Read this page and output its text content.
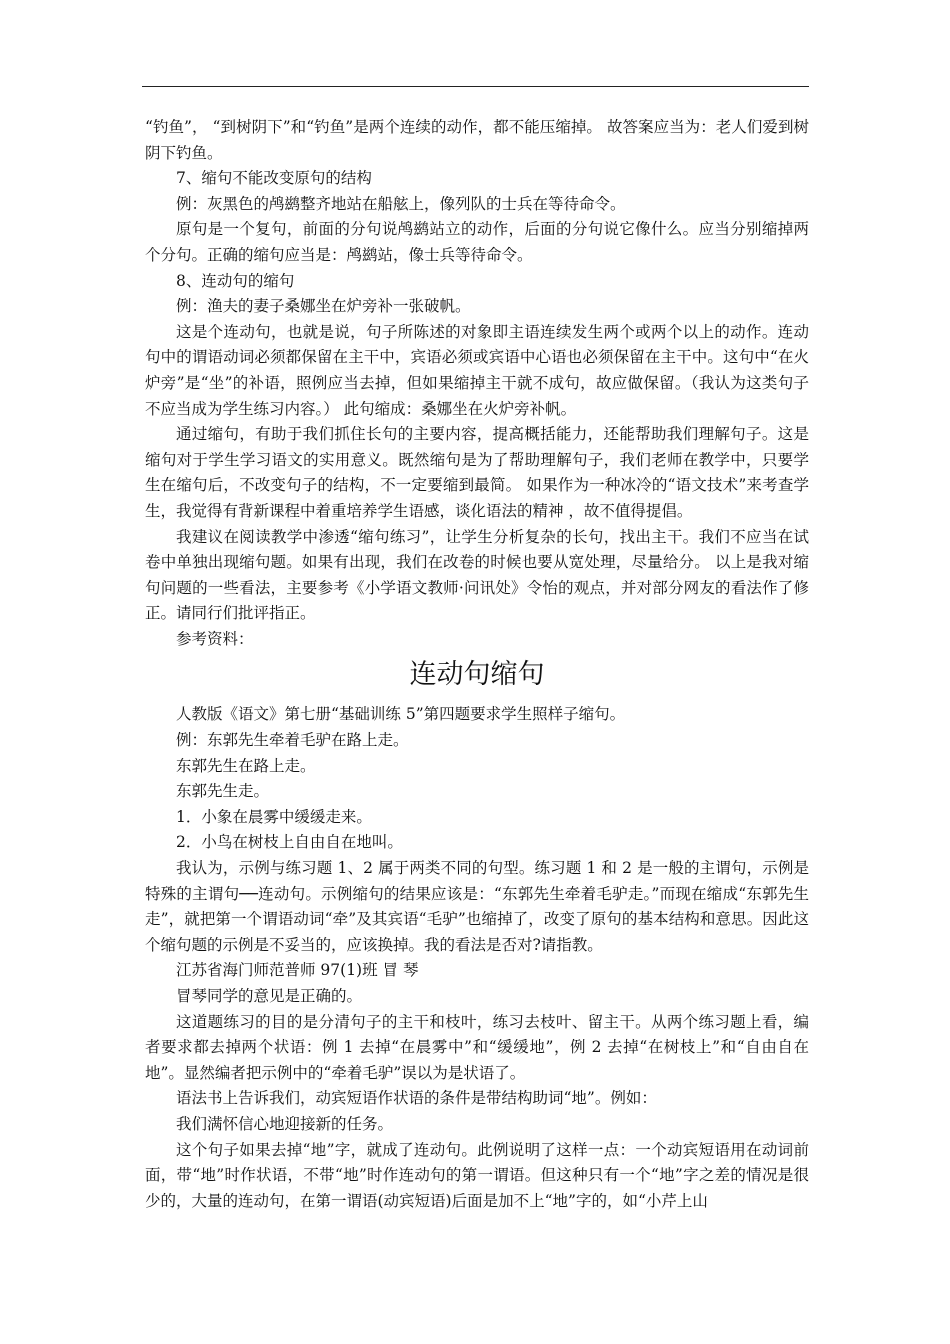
“钓鱼”， “到树阴下”和“钓鱼”是两个连续的动作，都不能压缩掉。 故答案应当为：老人们爱到树阴下钓鱼。

7、缩句不能改变原句的结构

例：灰黑色的鸬鹚整齐地站在船舷上，像列队的士兵在等待命令。

原句是一个复句，前面的分句说鸬鹚站立的动作，后面的分句说它像什么。应当分别缩掉两个分句。正确的缩句应当是：鸬鹚站，像士兵等待命令。

8、连动句的缩句

例：渔夫的妻子桑娜坐在炉旁补一张破帆。

这是个连动句，也就是说，句子所陈述的对象即主语连续发生两个或两个以上的动作。连动句中的谓语动词必须都保留在主干中，宾语必须或宾语中心语也必须保留在主干中。这句中“在火炉旁”是“坐”的补语，照例应当去掉，但如果缩掉主干就不成句，故应做保留。（我认为这类句子不应当成为学生练习内容。） 此句缩成：桑娜坐在火炉旁补帆。

通过缩句，有助于我们抓住长句的主要内容，提高概括能力，还能帮助我们理解句子。这是缩句对于学生学习语文的实用意义。既然缩句是为了帮助理解句子，我们老师在教学中，只要学生在缩句后，不改变句子的结构，不一定要缩到最简。 如果作为一种冰冷的“语文技术”来考查学生，我觉得有背新课程中着重培养学生语感，谈化语法的精神 ，故不值得提倡。

我建议在阅读教学中渗透“缩句练习”，让学生分析复杂的长句，找出主干。我们不应当在试卷中单独出现缩句题。如果有出现，我们在改卷的时候也要从宽处理，尽量给分。 以上是我对缩句问题的一些看法，主要参考《小学语文教师·问讯处》令怡的观点，并对部分网友的看法作了修正。请同行们批评指正。

参考资料：

连动句缩句

人教版《语文》第七册“基础训练 5”第四题要求学生照样子缩句。

例：东郭先生牵着毛驴在路上走。

东郭先生在路上走。

东郭先生走。

1．小象在晨雾中缓缓走来。

2．小鸟在树枝上自由自在地叫。

我认为，示例与练习题 1、2 属于两类不同的句型。练习题 1 和 2 是一般的主谓句，示例是特殊的主谓句──连动句。示例缩句的结果应该是：“东郭先生牵着毛驴走。”而现在缩成“东郭先生走”，就把第一个谓语动词“牵”及其宾语“毛驴”也缩掉了，改变了原句的基本结构和意思。因此这个缩句题的示例是不妥当的，应该换掉。我的看法是否对?请指教。

江苏省海门师范普师 97(1)班 冒 琴

冒琴同学的意见是正确的。

这道题练习的目的是分清句子的主干和枝叶，练习去枝叶、留主干。从两个练习题上看，编者要求都去掉两个状语：例 1 去掉“在晨雾中”和“缓缓地”，例 2 去掉“在树枝上”和“自由自在地”。显然编者把示例中的“牵着毛驴”误以为是状语了。

语法书上告诉我们，动宾短语作状语的条件是带结构助词“地”。例如：

我们满怀信心地迎接新的任务。

这个句子如果去掉“地”字，就成了连动句。此例说明了这样一点：一个动宾短语用在动词前面，带“地”时作状语，不带“地”时作连动句的第一谓语。但这种只有一个“地”字之差的情况是很少的，大量的连动句，在第一谓语(动宾短语)后面是加不上“地”字的，如“小芹上山
